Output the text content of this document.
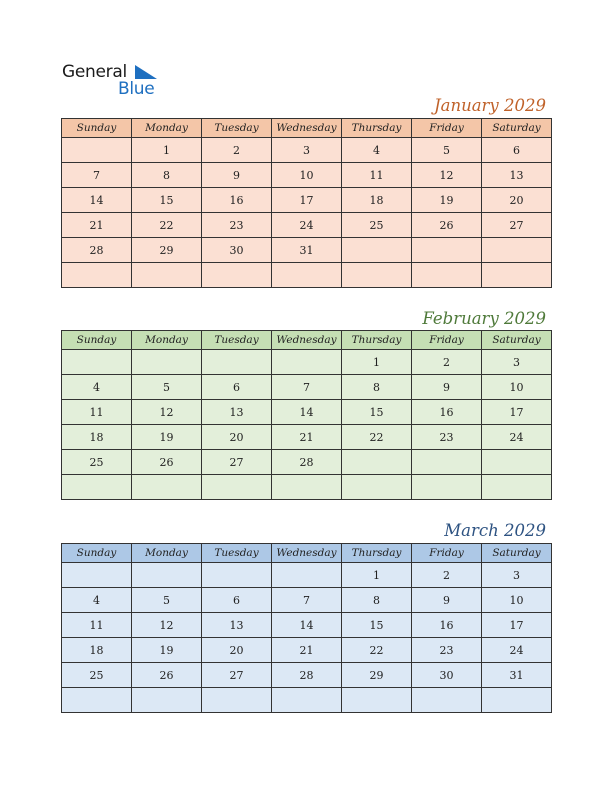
General
Blue
January 2029
Sunday	Monday	Tuesday	Wednesday	Thursday	Friday	Saturday
	1	2	3	4	5	6
7	8	9	10	11	12	13
14	15	16	17	18	19	20
21	22	23	24	25	26	27
28	29	30	31			

February 2029
Sunday	Monday	Tuesday	Wednesday	Thursday	Friday	Saturday
				1	2	3
4	5	6	7	8	9	10
11	12	13	14	15	16	17
18	19	20	21	22	23	24
25	26	27	28			

March 2029
Sunday	Monday	Tuesday	Wednesday	Thursday	Friday	Saturday
				1	2	3
4	5	6	7	8	9	10
11	12	13	14	15	16	17
18	19	20	21	22	23	24
25	26	27	28	29	30	31
